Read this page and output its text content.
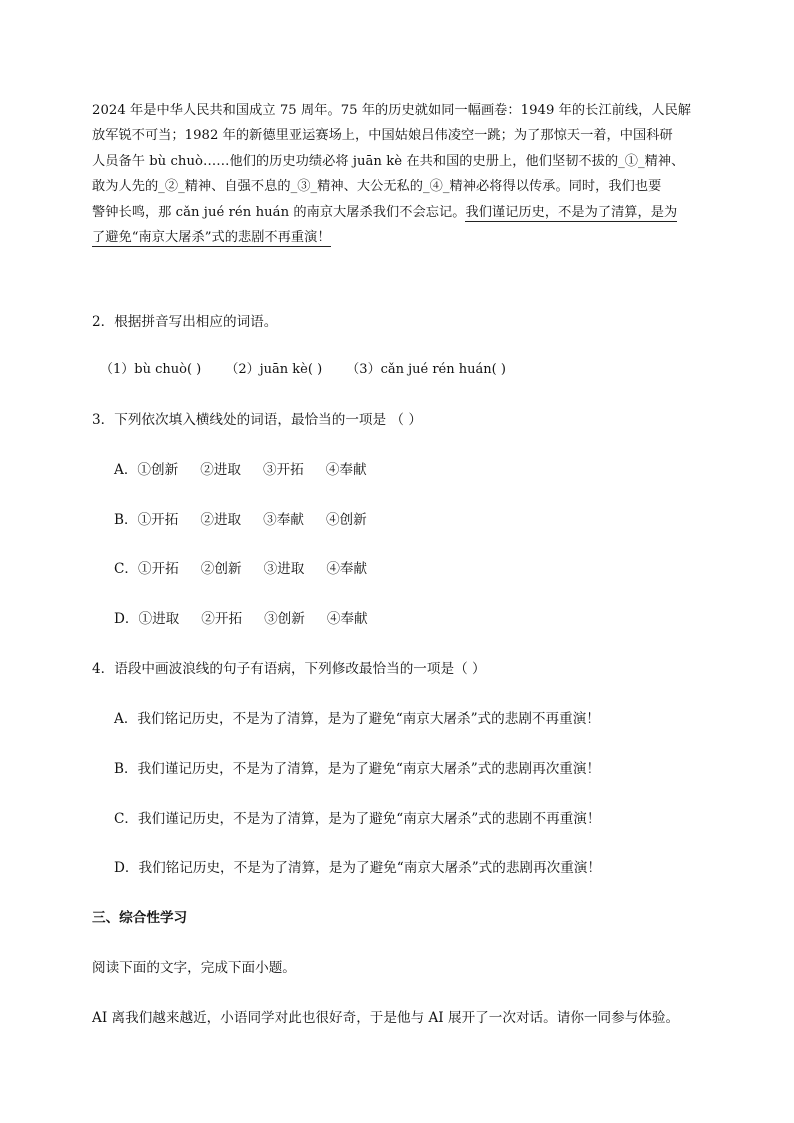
2024 年是中华人民共和国成立 75 周年。75 年的历史就如同一幅画卷：1949 年的长江前线，人民解
放军锐不可当；1982 年的新德里亚运赛场上，中国姑娘吕伟凌空一跳；为了那惊天一着，中国科研
人员备午 bù chuò……他们的历史功绩必将 juān kè 在共和国的史册上，他们坚韧不拔的_①_精神、
敢为人先的_②_精神、自强不息的_③_精神、大公无私的_④_精神必将得以传承。同时，我们也要
警钟长鸣，那 cǎn jué rén huán 的南京大屠杀我们不会忘记。我们谨记历史，不是为了清算，是为
了避免“南京大屠杀”式的悲剧不再重演！
2．根据拼音写出相应的词语。
（1）bù chuò( ) （2）juān kè( ) （3）cǎn jué rén huán( )
3．下列依次填入横线处的词语，最恰当的一项是 （ ）
A．①创新 ②进取 ③开拓 ④奉献
B．①开拓 ②进取 ③奉献 ④创新
C．①开拓 ②创新 ③进取 ④奉献
D．①进取 ②开拓 ③创新 ④奉献
4．语段中画波浪线的句子有语病，下列修改最恰当的一项是（ ）
A．我们铭记历史，不是为了清算，是为了避免“南京大屠杀”式的悲剧不再重演！
B．我们谨记历史，不是为了清算，是为了避免“南京大屠杀”式的悲剧再次重演！
C．我们谨记历史，不是为了清算，是为了避免“南京大屠杀”式的悲剧不再重演！
D．我们铭记历史，不是为了清算，是为了避免“南京大屠杀”式的悲剧再次重演！
三、综合性学习
阅读下面的文字，完成下面小题。
AI 离我们越来越近，小语同学对此也很好奇，于是他与 AI 展开了一次对话。请你一同参与体验。
